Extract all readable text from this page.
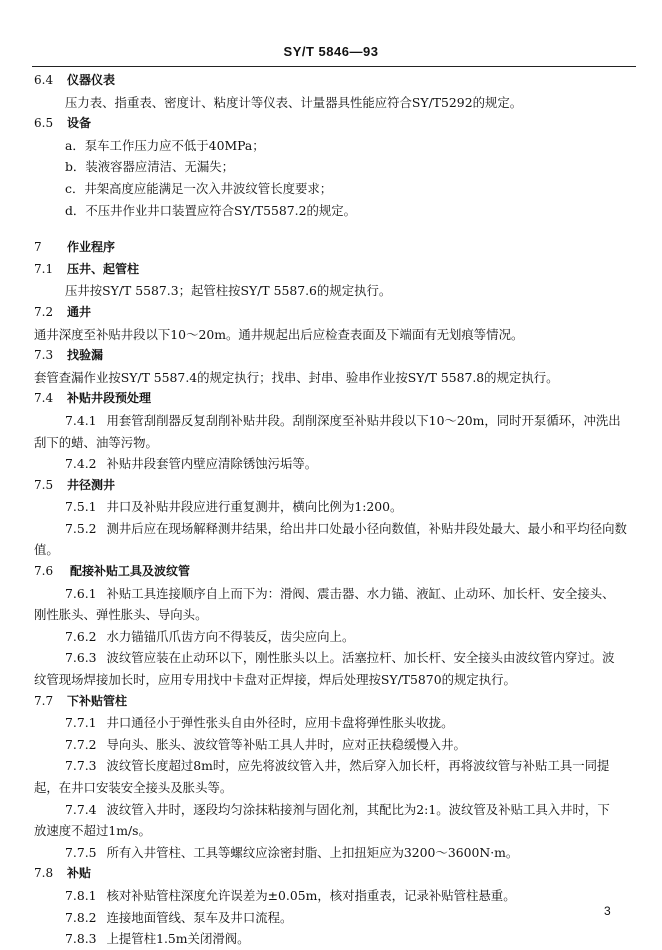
SY/T 5846—93
6.4 仪器仪表
压力表、指重表、密度计、粘度计等仪表、计量器具性能应符合SY/T5292的规定。
6.5 设备
a．泵车工作压力应不低于40MPa；
b．装液容器应清洁、无漏失；
c．井架高度应能满足一次入井波纹管长度要求；
d．不压井作业井口装置应符合SY/T5587.2的规定。
7 作业程序
7.1 压井、起管柱
压井按SY/T 5587.3；起管柱按SY/T 5587.6的规定执行。
7.2 通井
通井深度至补贴井段以下10～20m。通井规起出后应检查表面及下端面有无划痕等情况。
7.3 找验漏
套管查漏作业按SY/T 5587.4的规定执行；找串、封串、验串作业按SY/T 5587.8的规定执行。
7.4 补贴井段预处理
7.4.1 用套管刮削器反复刮削补贴井段。刮削深度至补贴井段以下10～20m，同时开泵循环，冲洗出
刮下的蜡、油等污物。
7.4.2 补贴井段套管内壁应清除锈蚀污垢等。
7.5 井径测井
7.5.1 井口及补贴井段应进行重复测井，横向比例为1:200。
7.5.2 测井后应在现场解释测井结果，给出井口处最小径向数值，补贴井段处最大、最小和平均径向数
值。
7.6 配接补贴工具及波纹管
7.6.1 补贴工具连接顺序自上而下为：滑阀、震击器、水力锚、液缸、止动环、加长杆、安全接头、
刚性胀头、弹性胀头、导向头。
7.6.2 水力锚锚爪爪齿方向不得装反，齿尖应向上。
7.6.3 波纹管应装在止动环以下，刚性胀头以上。活塞拉杆、加长杆、安全接头由波纹管内穿过。波
纹管现场焊接加长时，应用专用找中卡盘对正焊接，焊后处理按SY/T5870的规定执行。
7.7 下补贴管柱
7.7.1 井口通径小于弹性张头自由外径时，应用卡盘将弹性胀头收拢。
7.7.2 导向头、胀头、波纹管等补贴工具人井时，应对正扶稳缓慢入井。
7.7.3 波纹管长度超过8m时，应先将波纹管入井，然后穿入加长杆，再将波纹管与补贴工具一同提
起，在井口安装安全接头及胀头等。
7.7.4 波纹管入井时，逐段均匀涂抹粘接剂与固化剂，其配比为2:1。波纹管及补贴工具入井时，下
放速度不超过1m/s。
7.7.5 所有入井管柱、工具等螺纹应涂密封脂、上扣扭矩应为3200～3600N·m。
7.8 补贴
7.8.1 核对补贴管柱深度允许误差为±0.05m，核对指重表，记录补贴管柱悬重。
7.8.2 连接地面管线、泵车及井口流程。
7.8.3 上提管柱1.5m关闭滑阀。
3
